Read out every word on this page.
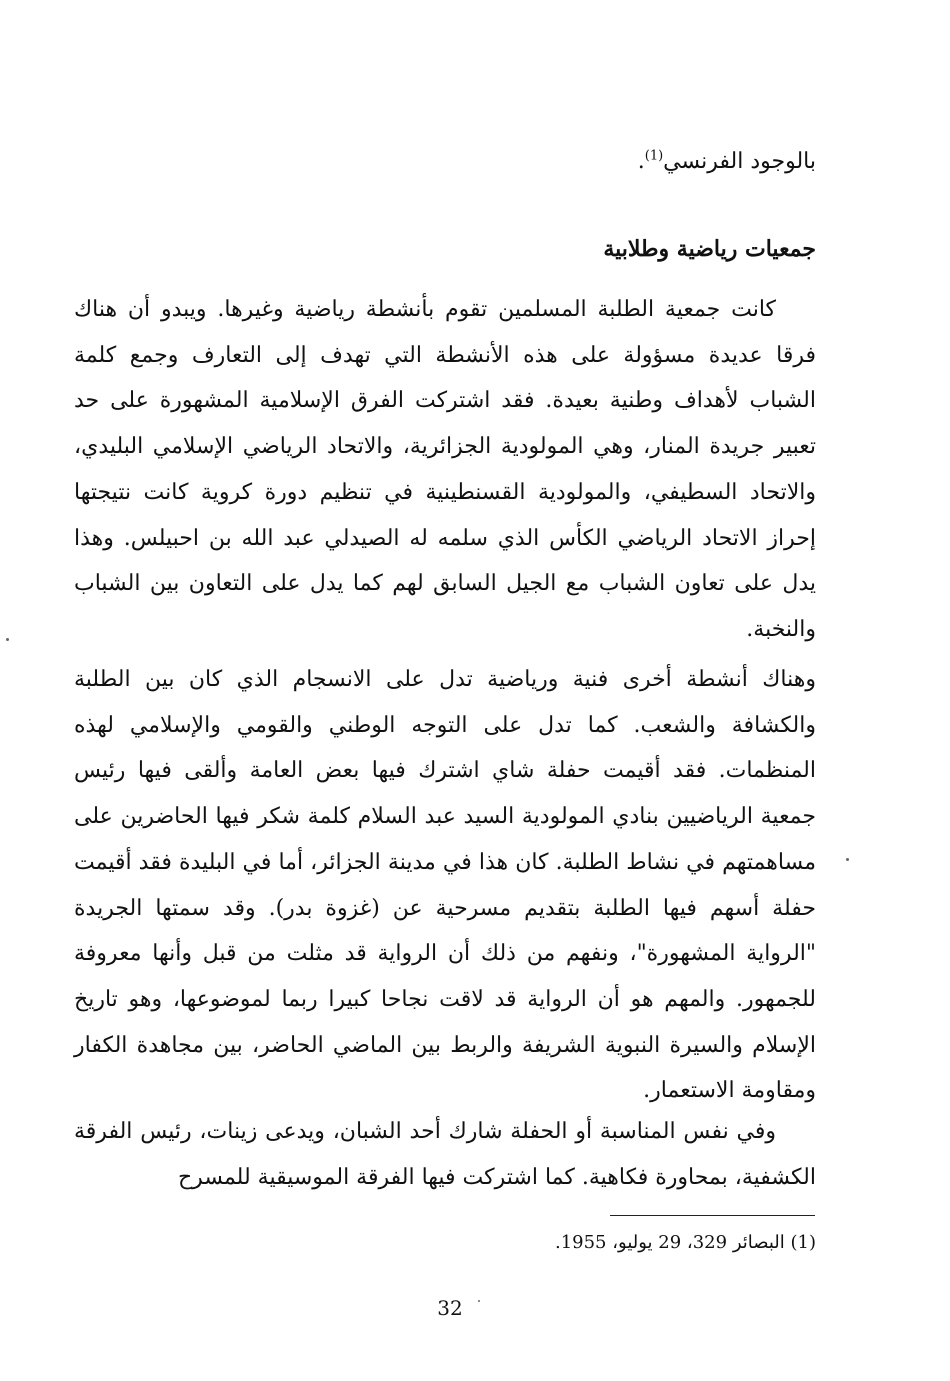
بالوجود الفرنسي$^{(1)}$.
جمعيات رياضية وطلابية

كانت جمعية الطلبة المسلمين تقوم بأنشطة رياضية وغيرها. ويبدو أن هناك فرقا عديدة مسؤولة على هذه الأنشطة التي تهدف إلى التعارف وجمع كلمة الشباب لأهداف وطنية بعيدة. فقد اشتركت الفرق الإسلامية المشهورة على حد تعبير جريدة المنار، وهي المولودية الجزائرية، والاتحاد الرياضي الإسلامي البليدي، والاتحاد السطيفي، والمولودية القسنطينية في تنظيم دورة كروية كانت نتيجتها إحراز الاتحاد الرياضي الكأس الذي سلمه له الصيدلي عبد الله بن احبيلس. وهذا يدل على تعاون الشباب مع الجيل السابق لهم كما يدل على التعاون بين الشباب والنخبة.

وهناك أنشطة أخرى فنية ورياضية تدل على الانسجام الذي كان بين الطلبة والكشافة والشعب. كما تدل على التوجه الوطني والقومي والإسلامي لهذه المنظمات. فقد أقيمت حفلة شاي اشترك فيها بعض العامة وألقى فيها رئيس جمعية الرياضيين بنادي المولودية السيد عبد السلام كلمة شكر فيها الحاضرين على مساهمتهم في نشاط الطلبة. كان هذا في مدينة الجزائر، أما في البليدة فقد أقيمت حفلة أسهم فيها الطلبة بتقديم مسرحية عن (غزوة بدر). وقد سمتها الجريدة "الرواية المشهورة"، ونفهم من ذلك أن الرواية قد مثلت من قبل وأنها معروفة للجمهور. والمهم هو أن الرواية قد لاقت نجاحا كبيرا ربما لموضوعها، وهو تاريخ الإسلام والسيرة النبوية الشريفة والربط بين الماضي الحاضر، بين مجاهدة الكفار ومقاومة الاستعمار.

وفي نفس المناسبة أو الحفلة شارك أحد الشبان، ويدعى زينات، رئيس الفرقة الكشفية، بمحاورة فكاهية. كما اشتركت فيها الفرقة الموسيقية للمسرح

(1) البصائر 329، 29 يوليو، 1955.
32
